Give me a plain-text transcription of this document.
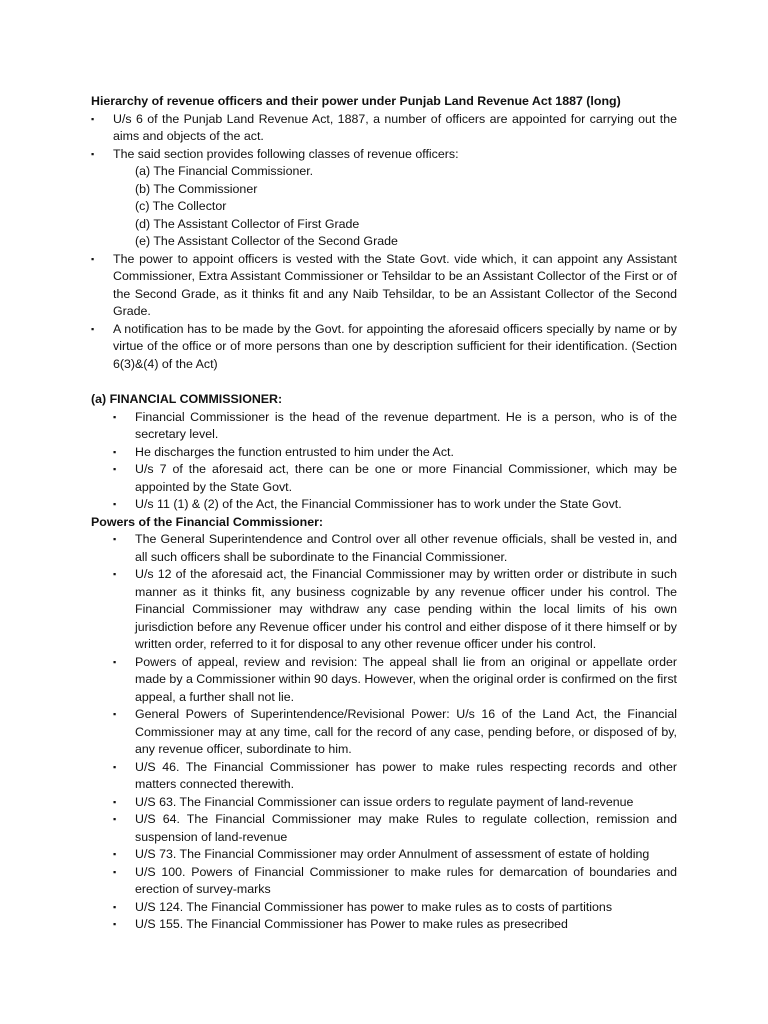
Hierarchy of revenue officers and their power under Punjab Land Revenue Act 1887 (long)

▪ U/s 6 of the Punjab Land Revenue Act, 1887, a number of officers are appointed for carrying out the aims and objects of the act.
▪ The said section provides following classes of revenue officers:
(a) The Financial Commissioner.
(b) The Commissioner
(c) The Collector
(d) The Assistant Collector of First Grade
(e) The Assistant Collector of the Second Grade
▪ The power to appoint officers is vested with the State Govt. vide which, it can appoint any Assistant Commissioner, Extra Assistant Commissioner or Tehsildar to be an Assistant Collector of the First or of the Second Grade, as it thinks fit and any Naib Tehsildar, to be an Assistant Collector of the Second Grade.
▪ A notification has to be made by the Govt. for appointing the aforesaid officers specially by name or by virtue of the office or of more persons than one by description sufficient for their identification. (Section 6(3)&(4) of the Act)

(a) FINANCIAL COMMISSIONER:

▪ Financial Commissioner is the head of the revenue department. He is a person, who is of the secretary level.
▪ He discharges the function entrusted to him under the Act.
▪ U/s 7 of the aforesaid act, there can be one or more Financial Commissioner, which may be appointed by the State Govt.
▪ U/s 11 (1) & (2) of the Act, the Financial Commissioner has to work under the State Govt.

Powers of the Financial Commissioner:

▪ The General Superintendence and Control over all other revenue officials, shall be vested in, and all such officers shall be subordinate to the Financial Commissioner.
▪ U/s 12 of the aforesaid act, the Financial Commissioner may by written order or distribute in such manner as it thinks fit, any business cognizable by any revenue officer under his control. The Financial Commissioner may withdraw any case pending within the local limits of his own jurisdiction before any Revenue officer under his control and either dispose of it there himself or by written order, referred to it for disposal to any other revenue officer under his control.
▪ Powers of appeal, review and revision: The appeal shall lie from an original or appellate order made by a Commissioner within 90 days. However, when the original order is confirmed on the first appeal, a further shall not lie.
▪ General Powers of Superintendence/Revisional Power: U/s 16 of the Land Act, the Financial Commissioner may at any time, call for the record of any case, pending before, or disposed of by, any revenue officer, subordinate to him.
▪ U/S 46. The Financial Commissioner has power to make rules respecting records and other matters connected therewith.
▪ U/S 63. The Financial Commissioner can issue orders to regulate payment of land-revenue
▪ U/S 64. The Financial Commissioner may make Rules to regulate collection, remission and suspension of land-revenue
▪ U/S 73. The Financial Commissioner may order Annulment of assessment of estate of holding
▪ U/S 100. Powers of Financial Commissioner to make rules for demarcation of boundaries and erection of survey-marks
▪ U/S 124. The Financial Commissioner has power to make rules as to costs of partitions
▪ U/S 155. The Financial Commissioner has Power to make rules as presecribed
